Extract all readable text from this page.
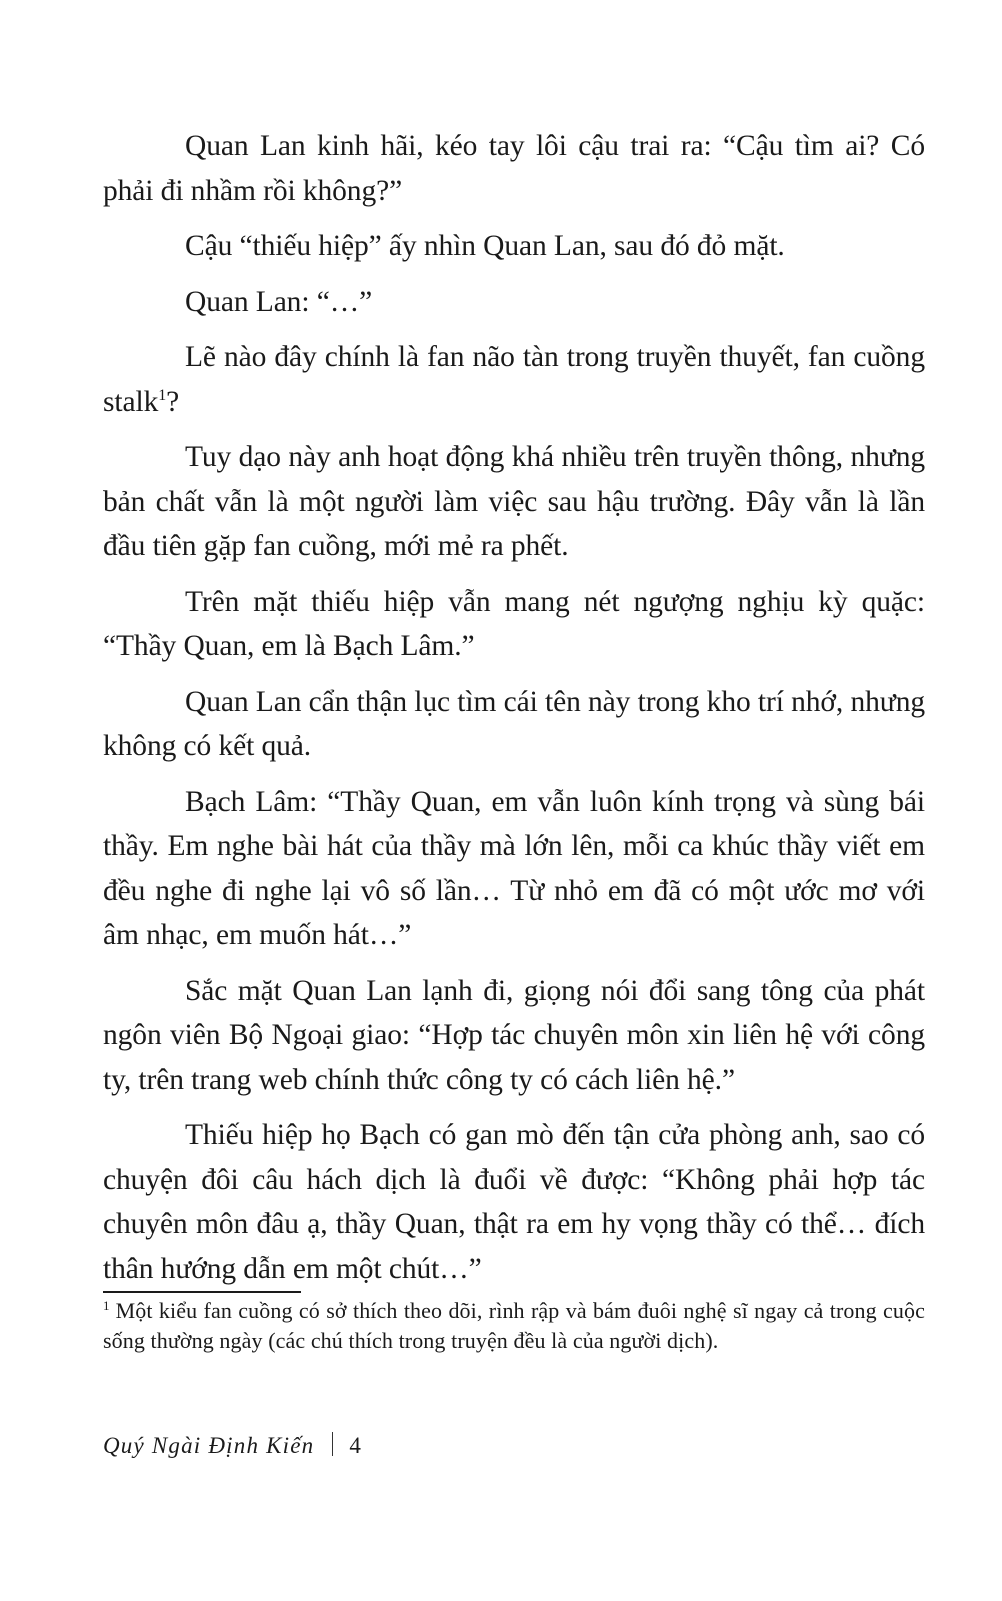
Quan Lan kinh hãi, kéo tay lôi cậu trai ra: “Cậu tìm ai? Có phải đi nhầm rồi không?”

Cậu “thiếu hiệp” ấy nhìn Quan Lan, sau đó đỏ mặt.

Quan Lan: “…”

Lẽ nào đây chính là fan não tàn trong truyền thuyết, fan cuồng stalk$^1$?

Tuy dạo này anh hoạt động khá nhiều trên truyền thông, nhưng bản chất vẫn là một người làm việc sau hậu trường. Đây vẫn là lần đầu tiên gặp fan cuồng, mới mẻ ra phết.

Trên mặt thiếu hiệp vẫn mang nét ngượng nghịu kỳ quặc: “Thầy Quan, em là Bạch Lâm.”

Quan Lan cẩn thận lục tìm cái tên này trong kho trí nhớ, nhưng không có kết quả.

Bạch Lâm: “Thầy Quan, em vẫn luôn kính trọng và sùng bái thầy. Em nghe bài hát của thầy mà lớn lên, mỗi ca khúc thầy viết em đều nghe đi nghe lại vô số lần… Từ nhỏ em đã có một ước mơ với âm nhạc, em muốn hát…”

Sắc mặt Quan Lan lạnh đi, giọng nói đổi sang tông của phát ngôn viên Bộ Ngoại giao: “Hợp tác chuyên môn xin liên hệ với công ty, trên trang web chính thức công ty có cách liên hệ.”

Thiếu hiệp họ Bạch có gan mò đến tận cửa phòng anh, sao có chuyện đôi câu hách dịch là đuổi về được: “Không phải hợp tác chuyên môn đâu ạ, thầy Quan, thật ra em hy vọng thầy có thể… đích thân hướng dẫn em một chút…”

$^1$ Một kiểu fan cuồng có sở thích theo dõi, rình rập và bám đuôi nghệ sĩ ngay cả trong cuộc sống thường ngày (các chú thích trong truyện đều là của người dịch).

Quý Ngài Định Kiến 4
